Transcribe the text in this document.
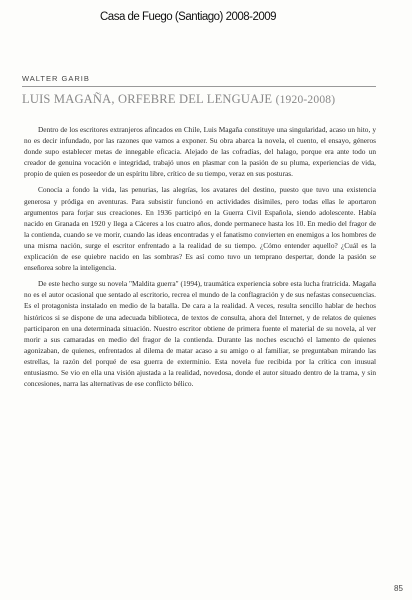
Casa de Fuego (Santiago) 2008-2009
WALTER GARIB
LUIS MAGAÑA, ORFEBRE DEL LENGUAJE (1920-2008)

Dentro de los escritores extranjeros afincados en Chile, Luis Magaña constituye una singularidad, acaso un hito, y no es decir infundado, por las razones que vamos a exponer. Su obra abarca la novela, el cuento, el ensayo, géneros donde supo establecer metas de innegable eficacia. Alejado de las cofradías, del halago, porque era ante todo un creador de genuina vocación e integridad, trabajó unos en plasmar con la pasión de su pluma, experiencias de vida, propio de quien es poseedor de un espíritu libre, crítico de su tiempo, veraz en sus posturas.

Conocía a fondo la vida, las penurias, las alegrías, los avatares del destino, puesto que tuvo una existencia generosa y pródiga en aventuras. Para subsistir funcionó en actividades disímiles, pero todas ellas le aportaron argumentos para forjar sus creaciones. En 1936 participó en la Guerra Civil Española, siendo adolescente. Había nacido en Granada en 1920 y llega a Cáceres a los cuatro años, donde permanece hasta los 10. En medio del fragor de la contienda, cuando se ve morir, cuando las ideas encontradas y el fanatismo convierten en enemigos a los hombres de una misma nación, surge el escritor enfrentado a la realidad de su tiempo. ¿Cómo entender aquello? ¿Cuál es la explicación de ese quiebre nacido en las sombras? Es así como tuvo un temprano despertar, donde la pasión se enseñorea sobre la inteligencia.

De este hecho surge su novela "Maldita guerra" (1994), traumática experiencia sobre esta lucha fratricida. Magaña no es el autor ocasional que sentado al escritorio, recrea el mundo de la conflagración y de sus nefastas consecuencias. Es el protagonista instalado en medio de la batalla. De cara a la realidad. A veces, resulta sencillo hablar de hechos históricos si se dispone de una adecuada biblioteca, de textos de consulta, ahora del Internet, y de relatos de quienes participaron en una determinada situación. Nuestro escritor obtiene de primera fuente el material de su novela, al ver morir a sus camaradas en medio del fragor de la contienda. Durante las noches escuchó el lamento de quienes agonizaban, de quienes, enfrentados al dilema de matar acaso a su amigo o al familiar, se preguntaban mirando las estrellas, la razón del porqué de esa guerra de exterminio. Esta novela fue recibida por la crítica con inusual entusiasmo. Se vio en ella una visión ajustada a la realidad, novedosa, donde el autor situado dentro de la trama, y sin concesiones, narra las alternativas de ese conflicto bélico.

85
